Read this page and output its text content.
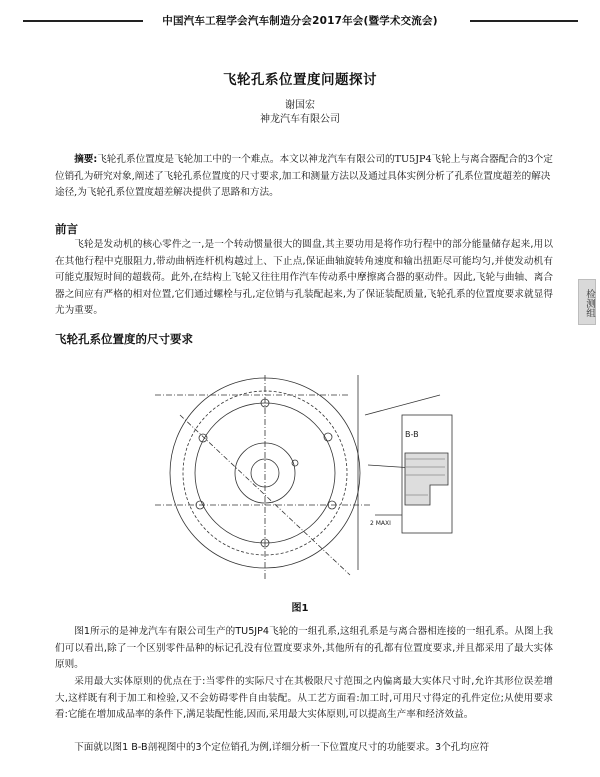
中国汽车工程学会汽车制造分会2017年会(暨学术交流会)
飞轮孔系位置度问题探讨
谢国宏
神龙汽车有限公司
摘要:飞轮孔系位置度是飞轮加工中的一个难点。本文以神龙汽车有限公司的TU5JP4飞轮上与离合器配合的3个定位销孔为研究对象,阐述了飞轮孔系位置度的尺寸要求,加工和测量方法以及通过具体实例分析了孔系位置度超差的解决途径,为飞轮孔系位置度超差解决提供了思路和方法。
前言

飞轮是发动机的核心零件之一,是一个转动惯量很大的圆盘,其主要功用是将作功行程中的部分能量储存起来,用以在其他行程中克服阻力,带动曲柄连杆机构越过上、下止点,保证曲轴旋转角速度和输出扭距尽可能均匀,并使发动机有可能克服短时间的超载荷。此外,在结构上飞轮又往往用作汽车传动系中摩擦离合器的驱动件。因此,飞轮与曲轴、离合器之间应有严格的相对位置,它们通过螺栓与孔,定位销与孔装配起来,为了保证装配质量,飞轮孔系的位置度要求就显得尤为重要。	检测组
飞轮孔系位置度的尺寸要求
B-B
2 MAXI
图1

图1所示的是神龙汽车有限公司生产的TU5JP4飞轮的一组孔系,这组孔系是与离合器相连接的一组孔系。从图上我们可以看出,除了一个区别零件品种的标记孔没有位置度要求外,其他所有的孔都有位置度要求,并且都采用了最大实体原则。

采用最大实体原则的优点在于:当零件的实际尺寸在其极限尺寸范围之内偏离最大实体尺寸时,允许其形位误差增大,这样既有利于加工和检验,又不会妨碍零件自由装配。从工艺方面看:加工时,可用尺寸得定的孔件定位;从使用要求看:它能在增加成品率的条件下,满足装配性能,因而,采用最大实体原则,可以提高生产率和经济效益。

下面就以图1 B-B剖视图中的3个定位销孔为例,详细分析一下位置度尺寸的功能要求。3个孔均应符
